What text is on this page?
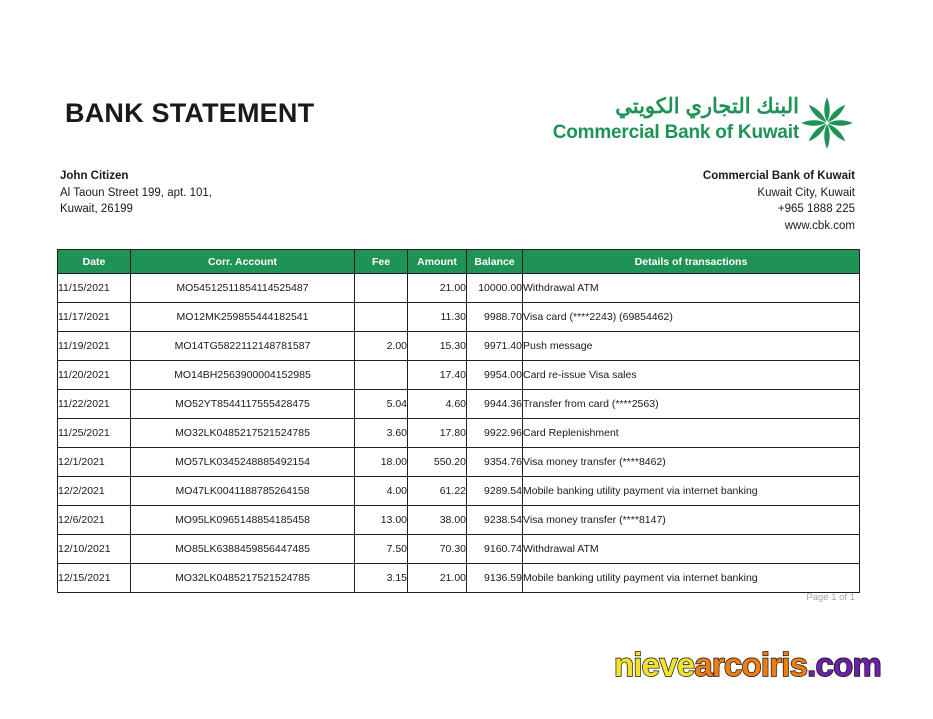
BANK STATEMENT	البنك التجاري الكويتي
Commercial Bank of Kuwait
John Citizen
Al Taoun Street 199, apt. 101,
Kuwait, 26199
Commercial Bank of Kuwait
Kuwait City, Kuwait
+965 1888 225
www.cbk.com
Date	Corr. Account	Fee	Amount	Balance	Details of transactions
11/15/2021	MO54512511854114525487		21.00	10000.00	Withdrawal ATM
11/17/2021	MO12MK259855444182541		11.30	9988.70	Visa card (****2243) (69854462)
11/19/2021	MO14TG5822112148781587	2.00	15.30	9971.40	Push message
11/20/2021	MO14BH2563900004152985		17.40	9954.00	Card re-issue Visa sales
11/22/2021	MO52YT8544117555428475	5.04	4.60	9944.36	Transfer from card (****2563)
11/25/2021	MO32LK0485217521524785	3.60	17.80	9922.96	Card Replenishment
12/1/2021	MO57LK0345248885492154	18.00	550.20	9354.76	Visa money transfer (****8462)
12/2/2021	MO47LK0041188785264158	4.00	61.22	9289.54	Mobile banking utility payment via internet banking
12/6/2021	MO95LK0965148854185458	13.00	38.00	9238.54	Visa money transfer (****8147)
12/10/2021	MO85LK6388459856447485	7.50	70.30	9160.74	Withdrawal ATM
12/15/2021	MO32LK0485217521524785	3.15	21.00	9136.59	Mobile banking utility payment via internet banking
Page 1 of 1
nievearcoiris.com
